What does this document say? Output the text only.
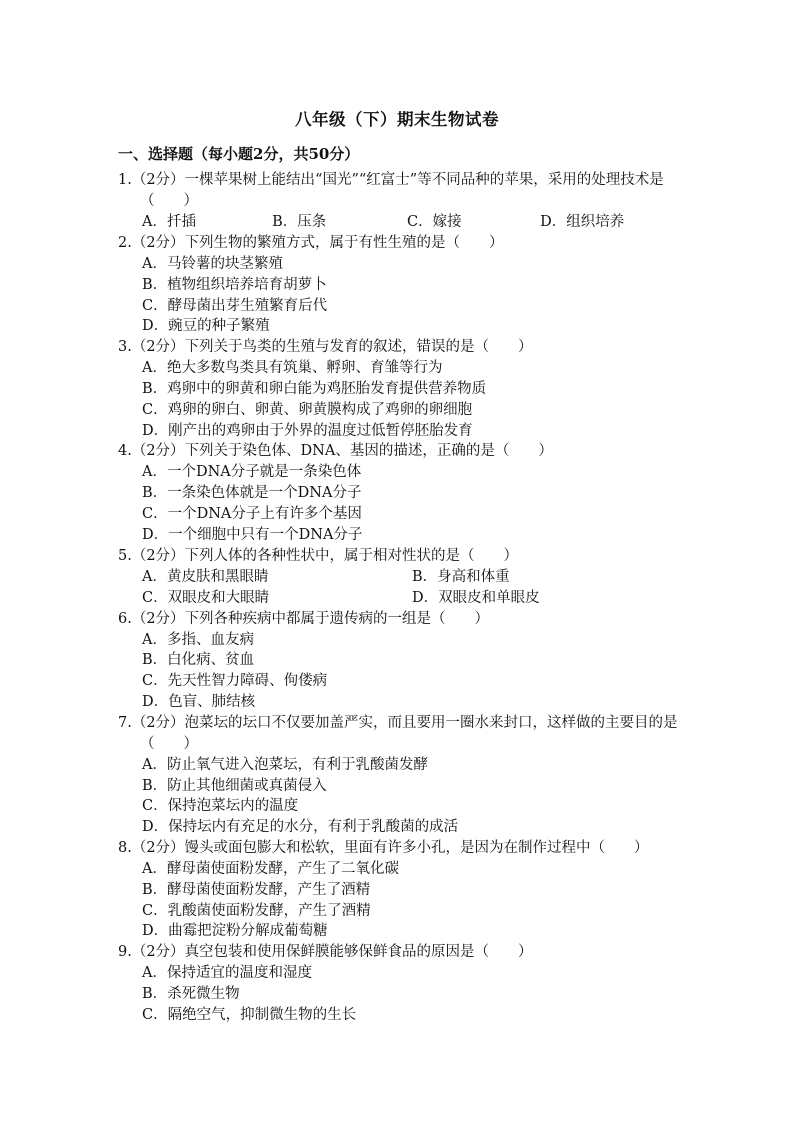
八年级（下）期末生物试卷
一、选择题（每小题2分，共50分）
1.（2分）一棵苹果树上能结出“国光”“红富士”等不同品种的苹果，采用的处理技术是（　　）
A．扦插	B．压条	C．嫁接	D．组织培养
2.（2分）下列生物的繁殖方式，属于有性生殖的是（　　）
A．马铃薯的块茎繁殖
B．植物组织培养培育胡萝卜
C．酵母菌出芽生殖繁育后代
D．豌豆的种子繁殖
3.（2分）下列关于鸟类的生殖与发育的叙述，错误的是（　　）
A．绝大多数鸟类具有筑巢、孵卵、育雏等行为
B．鸡卵中的卵黄和卵白能为鸡胚胎发育提供营养物质
C．鸡卵的卵白、卵黄、卵黄膜构成了鸡卵的卵细胞
D．刚产出的鸡卵由于外界的温度过低暂停胚胎发育
4.（2分）下列关于染色体、DNA、基因的描述，正确的是（　　）
A．一个DNA分子就是一条染色体
B．一条染色体就是一个DNA分子
C．一个DNA分子上有许多个基因
D．一个细胞中只有一个DNA分子
5.（2分）下列人体的各种性状中，属于相对性状的是（　　）
A．黄皮肤和黑眼睛	B．身高和体重
C．双眼皮和大眼睛	D．双眼皮和单眼皮
6.（2分）下列各种疾病中都属于遗传病的一组是（　　）
A．多指、血友病
B．白化病、贫血
C．先天性智力障碍、佝偻病
D．色盲、肺结核
7.（2分）泡菜坛的坛口不仅要加盖严实，而且要用一圈水来封口，这样做的主要目的是（　　）
A．防止氧气进入泡菜坛，有利于乳酸菌发酵
B．防止其他细菌或真菌侵入
C．保持泡菜坛内的温度
D．保持坛内有充足的水分，有利于乳酸菌的成活
8.（2分）馒头或面包膨大和松软，里面有许多小孔，是因为在制作过程中（　　）
A．酵母菌使面粉发酵，产生了二氧化碳
B．酵母菌使面粉发酵，产生了酒精
C．乳酸菌使面粉发酵，产生了酒精
D．曲霉把淀粉分解成葡萄糖
9.（2分）真空包装和使用保鲜膜能够保鲜食品的原因是（　　）
A．保持适宜的温度和湿度
B．杀死微生物
C．隔绝空气，抑制微生物的生长
